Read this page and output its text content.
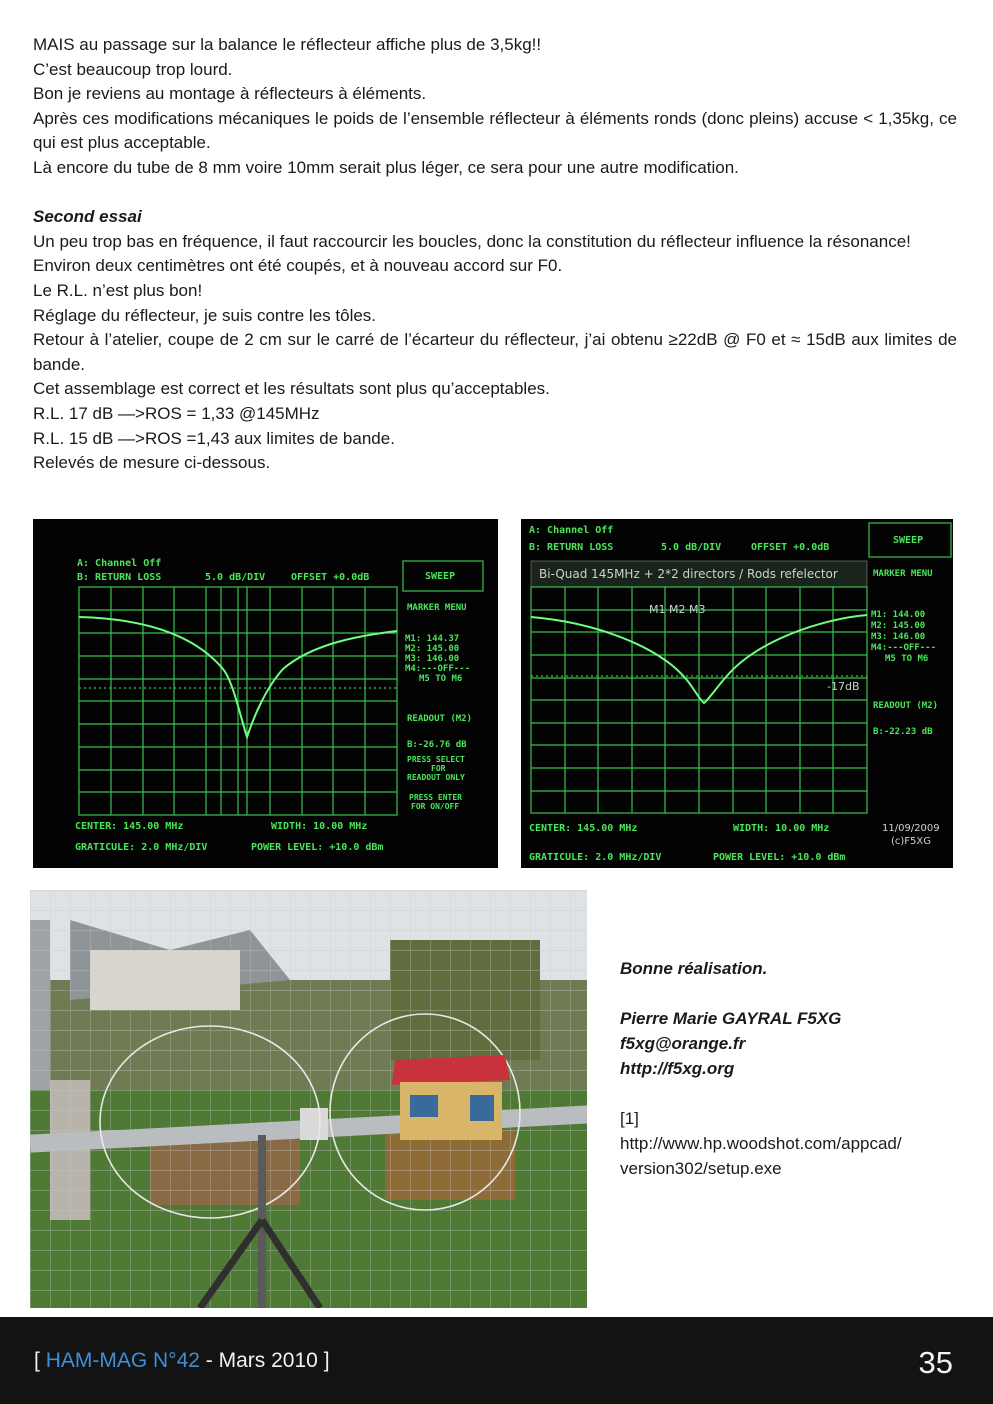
MAIS au passage sur la balance le réflecteur affiche plus de 3,5kg!!

C’est beaucoup trop lourd.

Bon je reviens au montage à réflecteurs à éléments.

Après ces modifications mécaniques le poids de l’ensemble réflecteur à éléments ronds (donc pleins) accuse < 1,35kg, ce qui est plus acceptable.

Là encore du tube de 8 mm voire 10mm serait plus léger, ce sera pour une autre modification.

Second essai

Un peu trop bas en fréquence, il faut raccourcir les boucles, donc la constitution du réflecteur influence la résonance!

Environ deux centimètres ont été coupés, et à nouveau accord sur F0.

Le R.L. n’est plus bon!

Réglage du réflecteur, je suis contre les tôles.

Retour à l’atelier, coupe de 2 cm sur le carré de l’écarteur du réflecteur, j’ai obtenu ≥22dB @ F0 et ≈ 15dB aux limites de bande.

Cet assemblage est correct et les résultats sont plus qu’acceptables.

R.L. 17 dB —>ROS = 1,33 @145MHz

R.L. 15 dB —>ROS =1,43 aux limites de bande.

Relevés de mesure ci-dessous.

A: Channel Off
B: RETURN LOSS	5.0 dB/DIV	OFFSET +0.0dB	SWEEP
MARKER MENU
M1: 144.37
M2: 145.00
M3: 146.00
M4:---OFF---
M5 TO M6
READOUT (M2)
B:-26.76 dB
PRESS SELECT
FOR
READOUT ONLY
PRESS ENTER
FOR ON/OFF
CENTER: 145.00 MHz	WIDTH: 10.00 MHz
GRATICULE: 2.0 MHz/DIV	POWER LEVEL: +10.0 dBm
A: Channel Off
B: RETURN LOSS	5.0 dB/DIV	OFFSET +0.0dB
SWEEP
MARKER MENU
Bi-Quad 145MHz + 2*2 directors / Rods refelector
M1 M2 M3
-17dB
M1: 144.00
M2: 145.00
M3: 146.00
M4:---OFF---
M5 TO M6
READOUT (M2)
B:-22.23 dB
CENTER: 145.00 MHz	WIDTH: 10.00 MHz
GRATICULE: 2.0 MHz/DIV	POWER LEVEL: +10.0 dBm
11/09/2009
(c)F5XG
Bonne réalisation.
Pierre Marie GAYRAL F5XG
f5xg@orange.fr
http://f5xg.org
[1]
http://www.hp.woodshot.com/appcad/
version302/setup.exe
[ HAM-MAG N°42 - Mars 2010 ]	35
